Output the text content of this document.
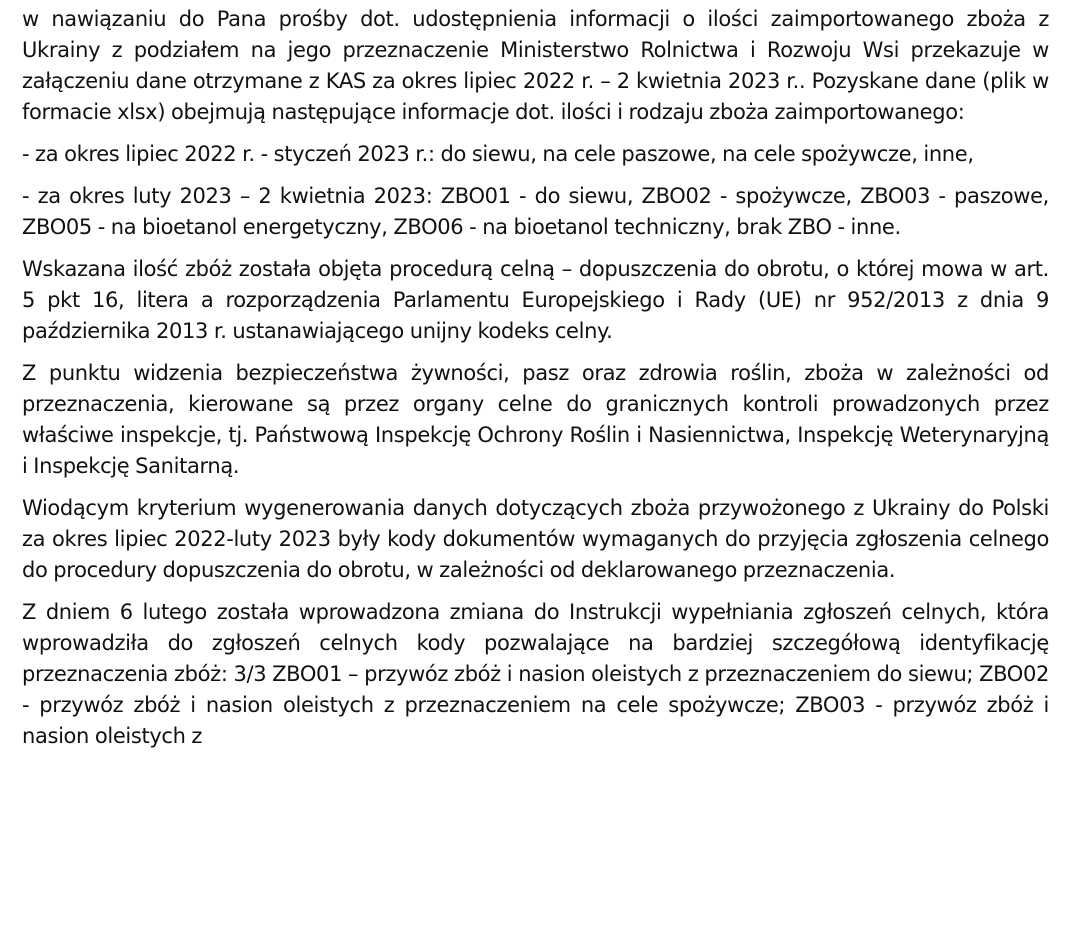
w nawiązaniu do Pana prośby dot. udostępnienia informacji o ilości zaimportowanego zboża z Ukrainy z podziałem na jego przeznaczenie Ministerstwo Rolnictwa i Rozwoju Wsi przekazuje w załączeniu dane otrzymane z KAS za okres lipiec 2022 r. – 2 kwietnia 2023 r.. Pozyskane dane (plik w formacie xlsx) obejmują następujące informacje dot. ilości i rodzaju zboża zaimportowanego:

- za okres lipiec 2022 r. - styczeń 2023 r.: do siewu, na cele paszowe, na cele spożywcze, inne,

- za okres luty 2023 – 2 kwietnia 2023: ZBO01 - do siewu, ZBO02 - spożywcze, ZBO03 - paszowe, ZBO05 - na bioetanol energetyczny, ZBO06 - na bioetanol techniczny, brak ZBO - inne.

Wskazana ilość zbóż została objęta procedurą celną – dopuszczenia do obrotu, o której mowa w art. 5 pkt 16, litera a rozporządzenia Parlamentu Europejskiego i Rady (UE) nr 952/2013 z dnia 9 października 2013 r. ustanawiającego unijny kodeks celny.

Z punktu widzenia bezpieczeństwa żywności, pasz oraz zdrowia roślin, zboża w zależności od przeznaczenia, kierowane są przez organy celne do granicznych kontroli prowadzonych przez właściwe inspekcje, tj. Państwową Inspekcję Ochrony Roślin i Nasiennictwa, Inspekcję Weterynaryjną i Inspekcję Sanitarną.

Wiodącym kryterium wygenerowania danych dotyczących zboża przywożonego z Ukrainy do Polski za okres lipiec 2022-luty 2023 były kody dokumentów wymaganych do przyjęcia zgłoszenia celnego do procedury dopuszczenia do obrotu, w zależności od deklarowanego przeznaczenia.

Z dniem 6 lutego została wprowadzona zmiana do Instrukcji wypełniania zgłoszeń celnych, która wprowadziła do zgłoszeń celnych kody pozwalające na bardziej szczegółową identyfikację przeznaczenia zbóż: 3/3 ZBO01 – przywóz zbóż i nasion oleistych z przeznaczeniem do siewu; ZBO02 - przywóz zbóż i nasion oleistych z przeznaczeniem na cele spożywcze; ZBO03 - przywóz zbóż i nasion oleistych z
